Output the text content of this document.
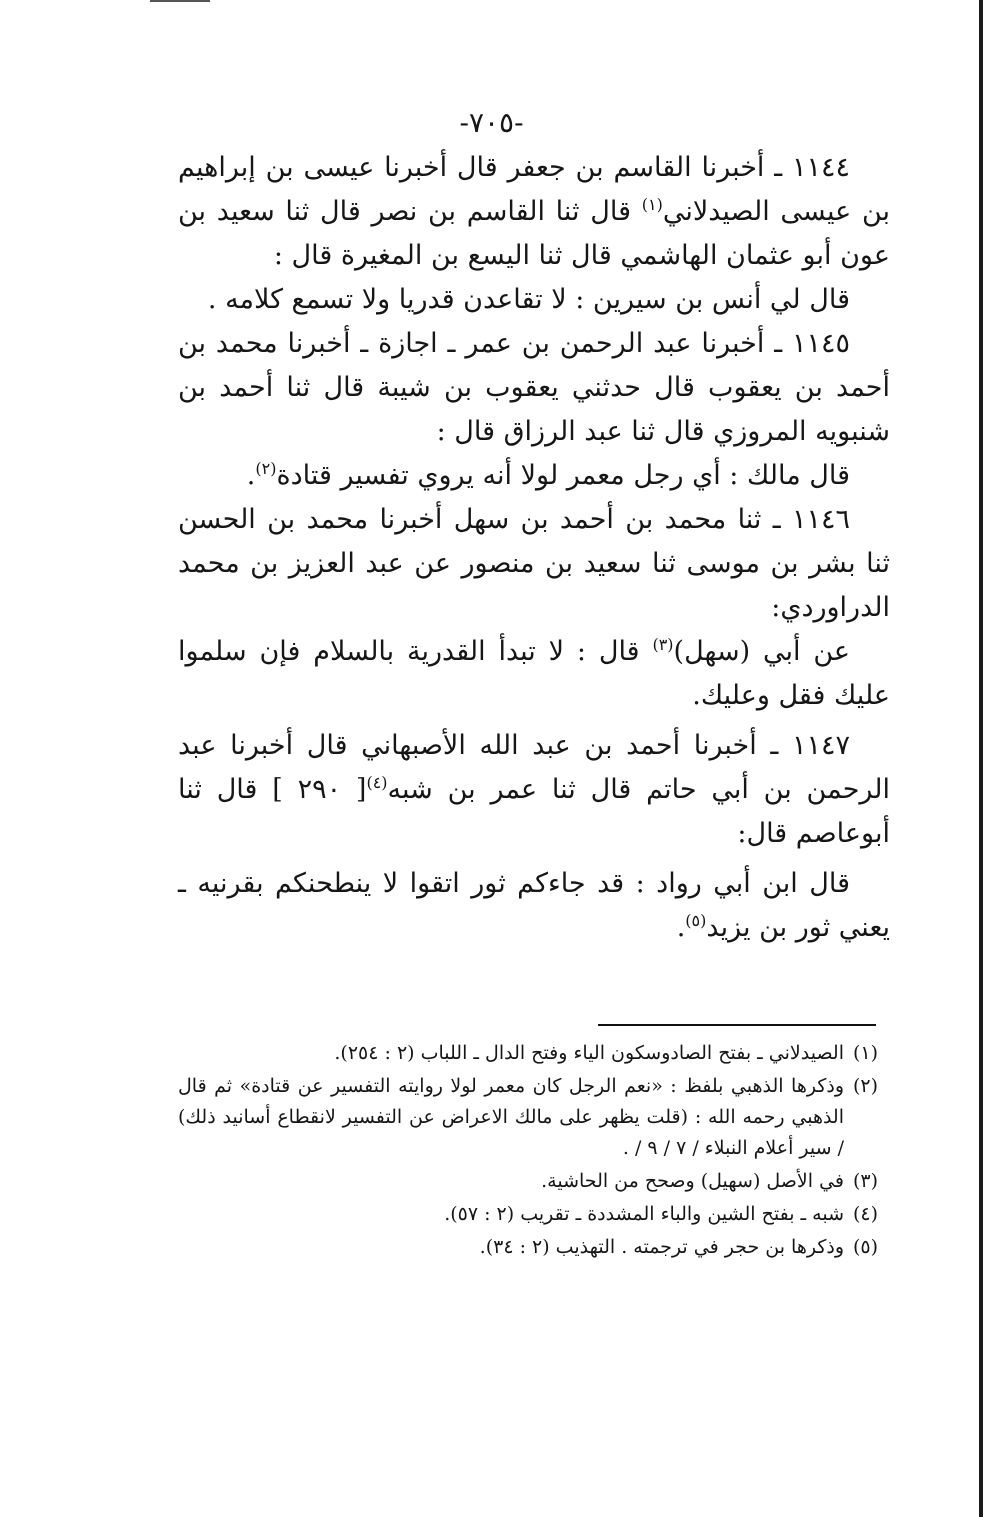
-٧٠٥-

١١٤٤ ـ أخبرنا القاسم بن جعفر قال أخبرنا عيسى بن إبراهيم بن عيسى الصيدلاني$^{(١)}$ قال ثنا القاسم بن نصر قال ثنا سعيد بن عون أبو عثمان الهاشمي قال ثنا اليسع بن المغيرة قال :

قال لي أنس بن سيرين : لا تقاعدن قدريا ولا تسمع كلامه .

١١٤٥ ـ أخبرنا عبد الرحمن بن عمر ـ اجازة ـ أخبرنا محمد بن أحمد بن يعقوب قال حدثني يعقوب بن شيبة قال ثنا أحمد بن شنبويه المروزي قال ثنا عبد الرزاق قال :

قال مالك : أي رجل معمر لولا أنه يروي تفسير قتادة$^{(٢)}$.

١١٤٦ ـ ثنا محمد بن أحمد بن سهل أخبرنا محمد بن الحسن ثنا بشر بن موسى ثنا سعيد بن منصور عن عبد العزيز بن محمد الدراوردي:

عن أبي (سهل)$^{(٣)}$ قال : لا تبدأ القدرية بالسلام فإن سلموا عليك فقل وعليك.

١١٤٧ ـ أخبرنا أحمد بن عبد الله الأصبهاني قال أخبرنا عبد الرحمن بن أبي حاتم قال ثنا عمر بن شبه$^{(٤)}$[ ٢٩٠ ] قال ثنا أبوعاصم قال:

قال ابن أبي رواد : قد جاءكم ثور اتقوا لا ينطحنكم بقرنيه ـ يعني ثور بن يزيد$^{(٥)}$.

(١)
الصيدلاني ـ بفتح الصادوسكون الياء وفتح الدال ـ اللباب (٢ : ٢٥٤).

(٢)
وذكرها الذهبي بلفظ : «نعم الرجل كان معمر لولا روايته التفسير عن قتادة» ثم قال الذهبي رحمه الله : (قلت يظهر على مالك الاعراض عن التفسير لانقطاع أسانيد ذلك) / سير أعلام النبلاء / ٧ / ٩ / .

(٣)
في الأصل (سهيل) وصحح من الحاشية.

(٤)
شبه ـ بفتح الشين والباء المشددة ـ تقريب (٢ : ٥٧).

(٥)
وذكرها بن حجر في ترجمته . التهذيب (٢ : ٣٤).
